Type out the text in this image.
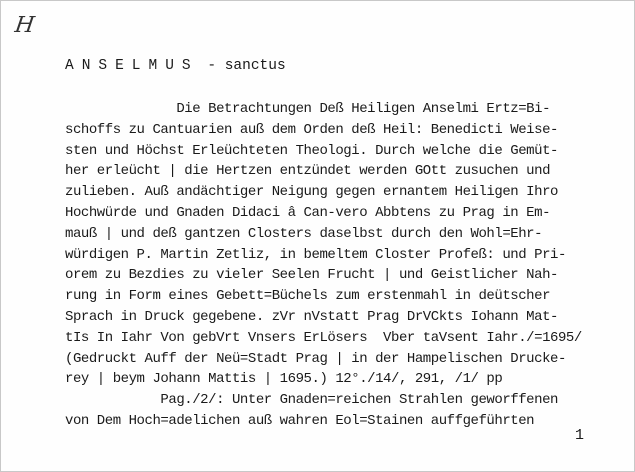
H
ANSELMUS - sanctus
Die Betrachtungen Deß Heiligen Anselmi Ertz=Bi-
schoffs zu Cantuarien auß dem Orden deß Heil: Benedicti Weise-
sten und Höchst Erleüchteten Theologi. Durch welche die Gemüt-
her erleücht | die Hertzen entzündet werden GOtt zusuchen und
zulieben. Auß andächtiger Neigung gegen ernantem Heiligen Ihro
Hochwürde und Gnaden Didaci â Can-vero Abbtens zu Prag in Em-
mauß | und deß gantzen Closters daselbst durch den Wohl=Ehr-
würdigen P. Martin Zetliz, in bemeltem Closter Profeß: und Pri-
orem zu Bezdies zu vieler Seelen Frucht | und Geistlicher Nah-
rung in Form eines Gebett=Büchels zum erstenmahl in deütscher
Sprach in Druck gegebene. zVr nVstatt Prag DrVCkts Iohann Mat-
tIs In Iahr Von gebVrt Vnsers ErLösers  Vber taVsent Iahr./=1695/
(Gedruckt Auff der Neü=Stadt Prag | in der Hampelischen Drucke-
rey | beym Johann Mattis | 1695.) 12°./14/, 291, /1/ pp
Pag./2/: Unter Gnaden=reichen Strahlen geworffenen
von Dem Hoch=adelichen auß wahren Eol=Stainen auffgeführten
1
